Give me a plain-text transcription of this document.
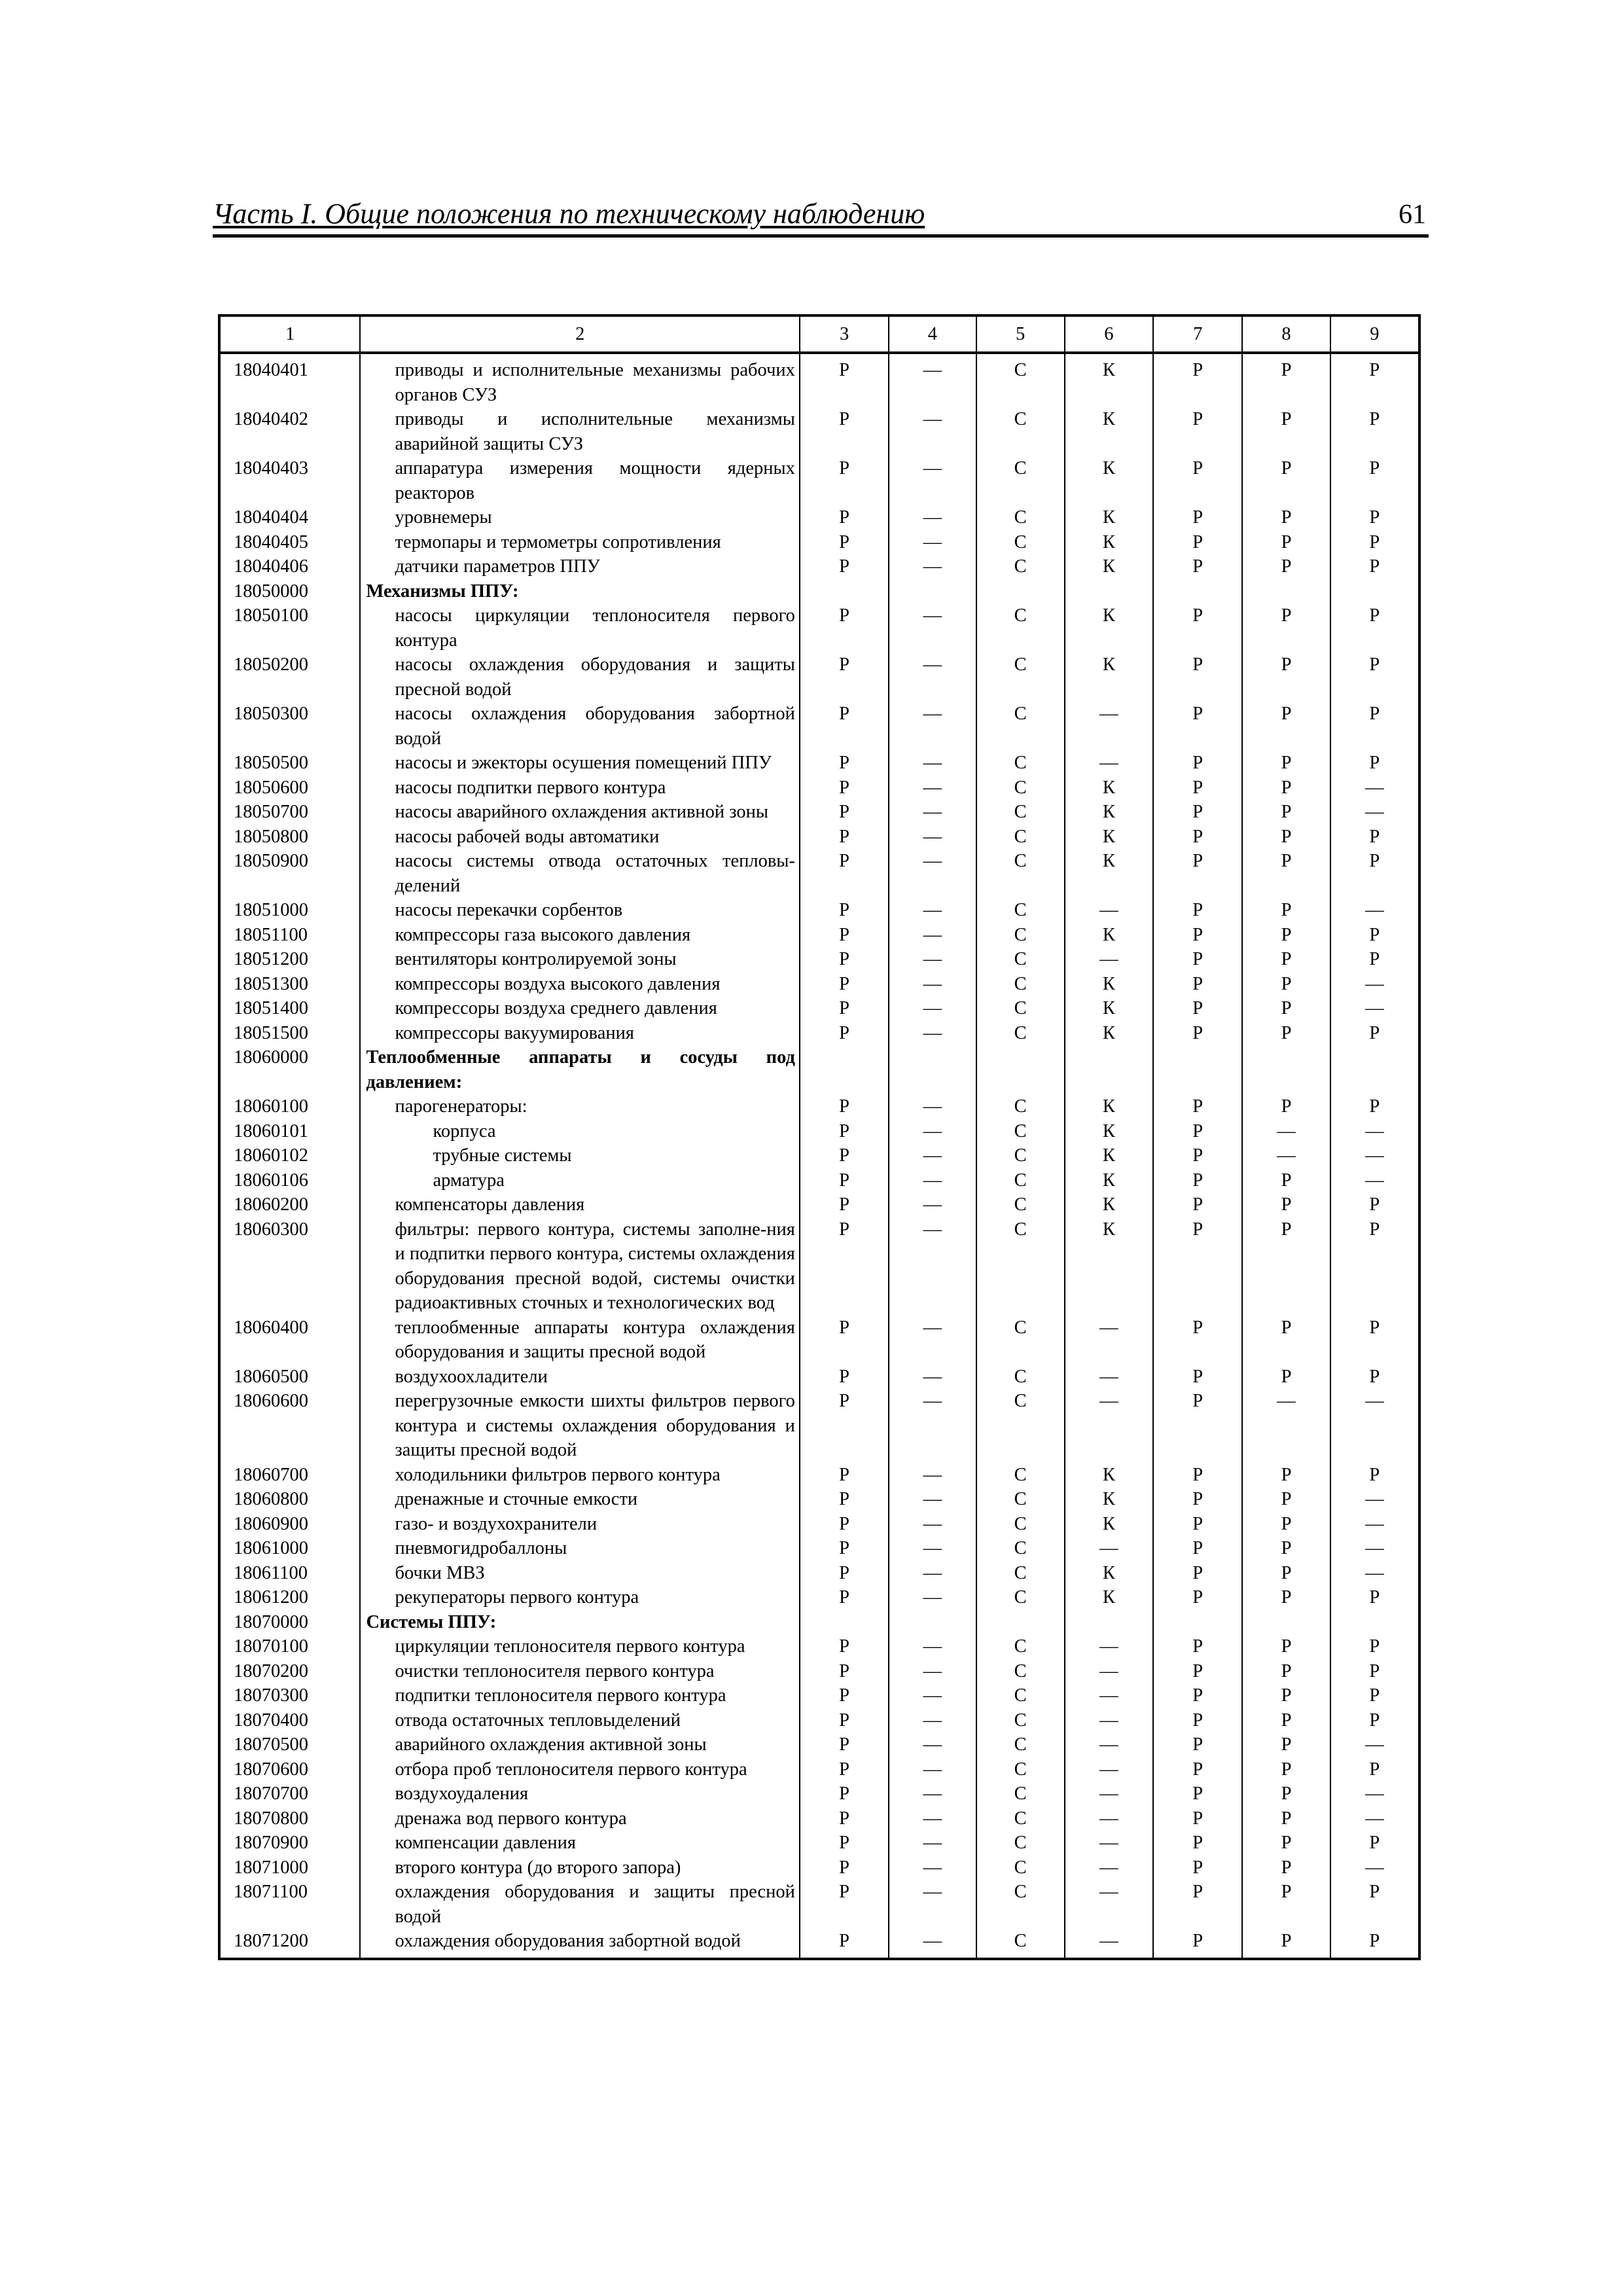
Часть I. Общие положения по техническому наблюдению	61
1	2	3	4	5	6	7	8	9
18040401	приводы и исполнительные механизмы рабочих органов СУЗ	Р	—	С	К	Р	Р	Р
18040402	приводы и исполнительные механизмы аварийной защиты СУЗ	Р	—	С	К	Р	Р	Р
18040403	аппаратура измерения мощности ядерных реакторов	Р	—	С	К	Р	Р	Р
18040404	уровнемеры	Р	—	С	К	Р	Р	Р
18040405	термопары и термометры сопротивления	Р	—	С	К	Р	Р	Р
18040406	датчики параметров ППУ	Р	—	С	К	Р	Р	Р
18050000	Механизмы ППУ:							
18050100	насосы циркуляции теплоносителя первого контура	Р	—	С	К	Р	Р	Р
18050200	насосы охлаждения оборудования и защиты пресной водой	Р	—	С	К	Р	Р	Р
18050300	насосы охлаждения оборудования забортной водой	Р	—	С	—	Р	Р	Р
18050500	насосы и эжекторы осушения помещений ППУ	Р	—	С	—	Р	Р	Р
18050600	насосы подпитки первого контура	Р	—	С	К	Р	Р	—
18050700	насосы аварийного охлаждения активной зоны	Р	—	С	К	Р	Р	—
18050800	насосы рабочей воды автоматики	Р	—	С	К	Р	Р	Р
18050900	насосы системы отвода остаточных тепловы-делений	Р	—	С	К	Р	Р	Р
18051000	насосы перекачки сорбентов	Р	—	С	—	Р	Р	—
18051100	компрессоры газа высокого давления	Р	—	С	К	Р	Р	Р
18051200	вентиляторы контролируемой зоны	Р	—	С	—	Р	Р	Р
18051300	компрессоры воздуха высокого давления	Р	—	С	К	Р	Р	—
18051400	компрессоры воздуха среднего давления	Р	—	С	К	Р	Р	—
18051500	компрессоры вакуумирования	Р	—	С	К	Р	Р	Р
18060000	Теплообменные аппараты и сосуды под давлением:							
18060100	парогенераторы:	Р	—	С	К	Р	Р	Р
18060101	корпуса	Р	—	С	К	Р	—	—
18060102	трубные системы	Р	—	С	К	Р	—	—
18060106	арматура	Р	—	С	К	Р	Р	—
18060200	компенсаторы давления	Р	—	С	К	Р	Р	Р
18060300	фильтры: первого контура, системы заполне-ния и подпитки первого контура, системы охлаждения оборудования пресной водой, системы очистки радиоактивных сточных и технологических вод	Р	—	С	К	Р	Р	Р
18060400	теплообменные аппараты контура охлаждения оборудования и защиты пресной водой	Р	—	С	—	Р	Р	Р
18060500	воздухоохладители	Р	—	С	—	Р	Р	Р
18060600	перегрузочные емкости шихты фильтров первого контура и системы охлаждения оборудования и защиты пресной водой	Р	—	С	—	Р	—	—
18060700	холодильники фильтров первого контура	Р	—	С	К	Р	Р	Р
18060800	дренажные и сточные емкости	Р	—	С	К	Р	Р	—
18060900	газо- и воздухохранители	Р	—	С	К	Р	Р	—
18061000	пневмогидробаллоны	Р	—	С	—	Р	Р	—
18061100	бочки МВЗ	Р	—	С	К	Р	Р	—
18061200	рекуператоры первого контура	Р	—	С	К	Р	Р	Р
18070000	Системы ППУ:							
18070100	циркуляции теплоносителя первого контура	Р	—	С	—	Р	Р	Р
18070200	очистки теплоносителя первого контура	Р	—	С	—	Р	Р	Р
18070300	подпитки теплоносителя первого контура	Р	—	С	—	Р	Р	Р
18070400	отвода остаточных тепловыделений	Р	—	С	—	Р	Р	Р
18070500	аварийного охлаждения активной зоны	Р	—	С	—	Р	Р	—
18070600	отбора проб теплоносителя первого контура	Р	—	С	—	Р	Р	Р
18070700	воздухоудаления	Р	—	С	—	Р	Р	—
18070800	дренажа вод первого контура	Р	—	С	—	Р	Р	—
18070900	компенсации давления	Р	—	С	—	Р	Р	Р
18071000	второго контура (до второго запора)	Р	—	С	—	Р	Р	—
18071100	охлаждения оборудования и защиты пресной водой	Р	—	С	—	Р	Р	Р
18071200	охлаждения оборудования забортной водой	Р	—	С	—	Р	Р	Р
